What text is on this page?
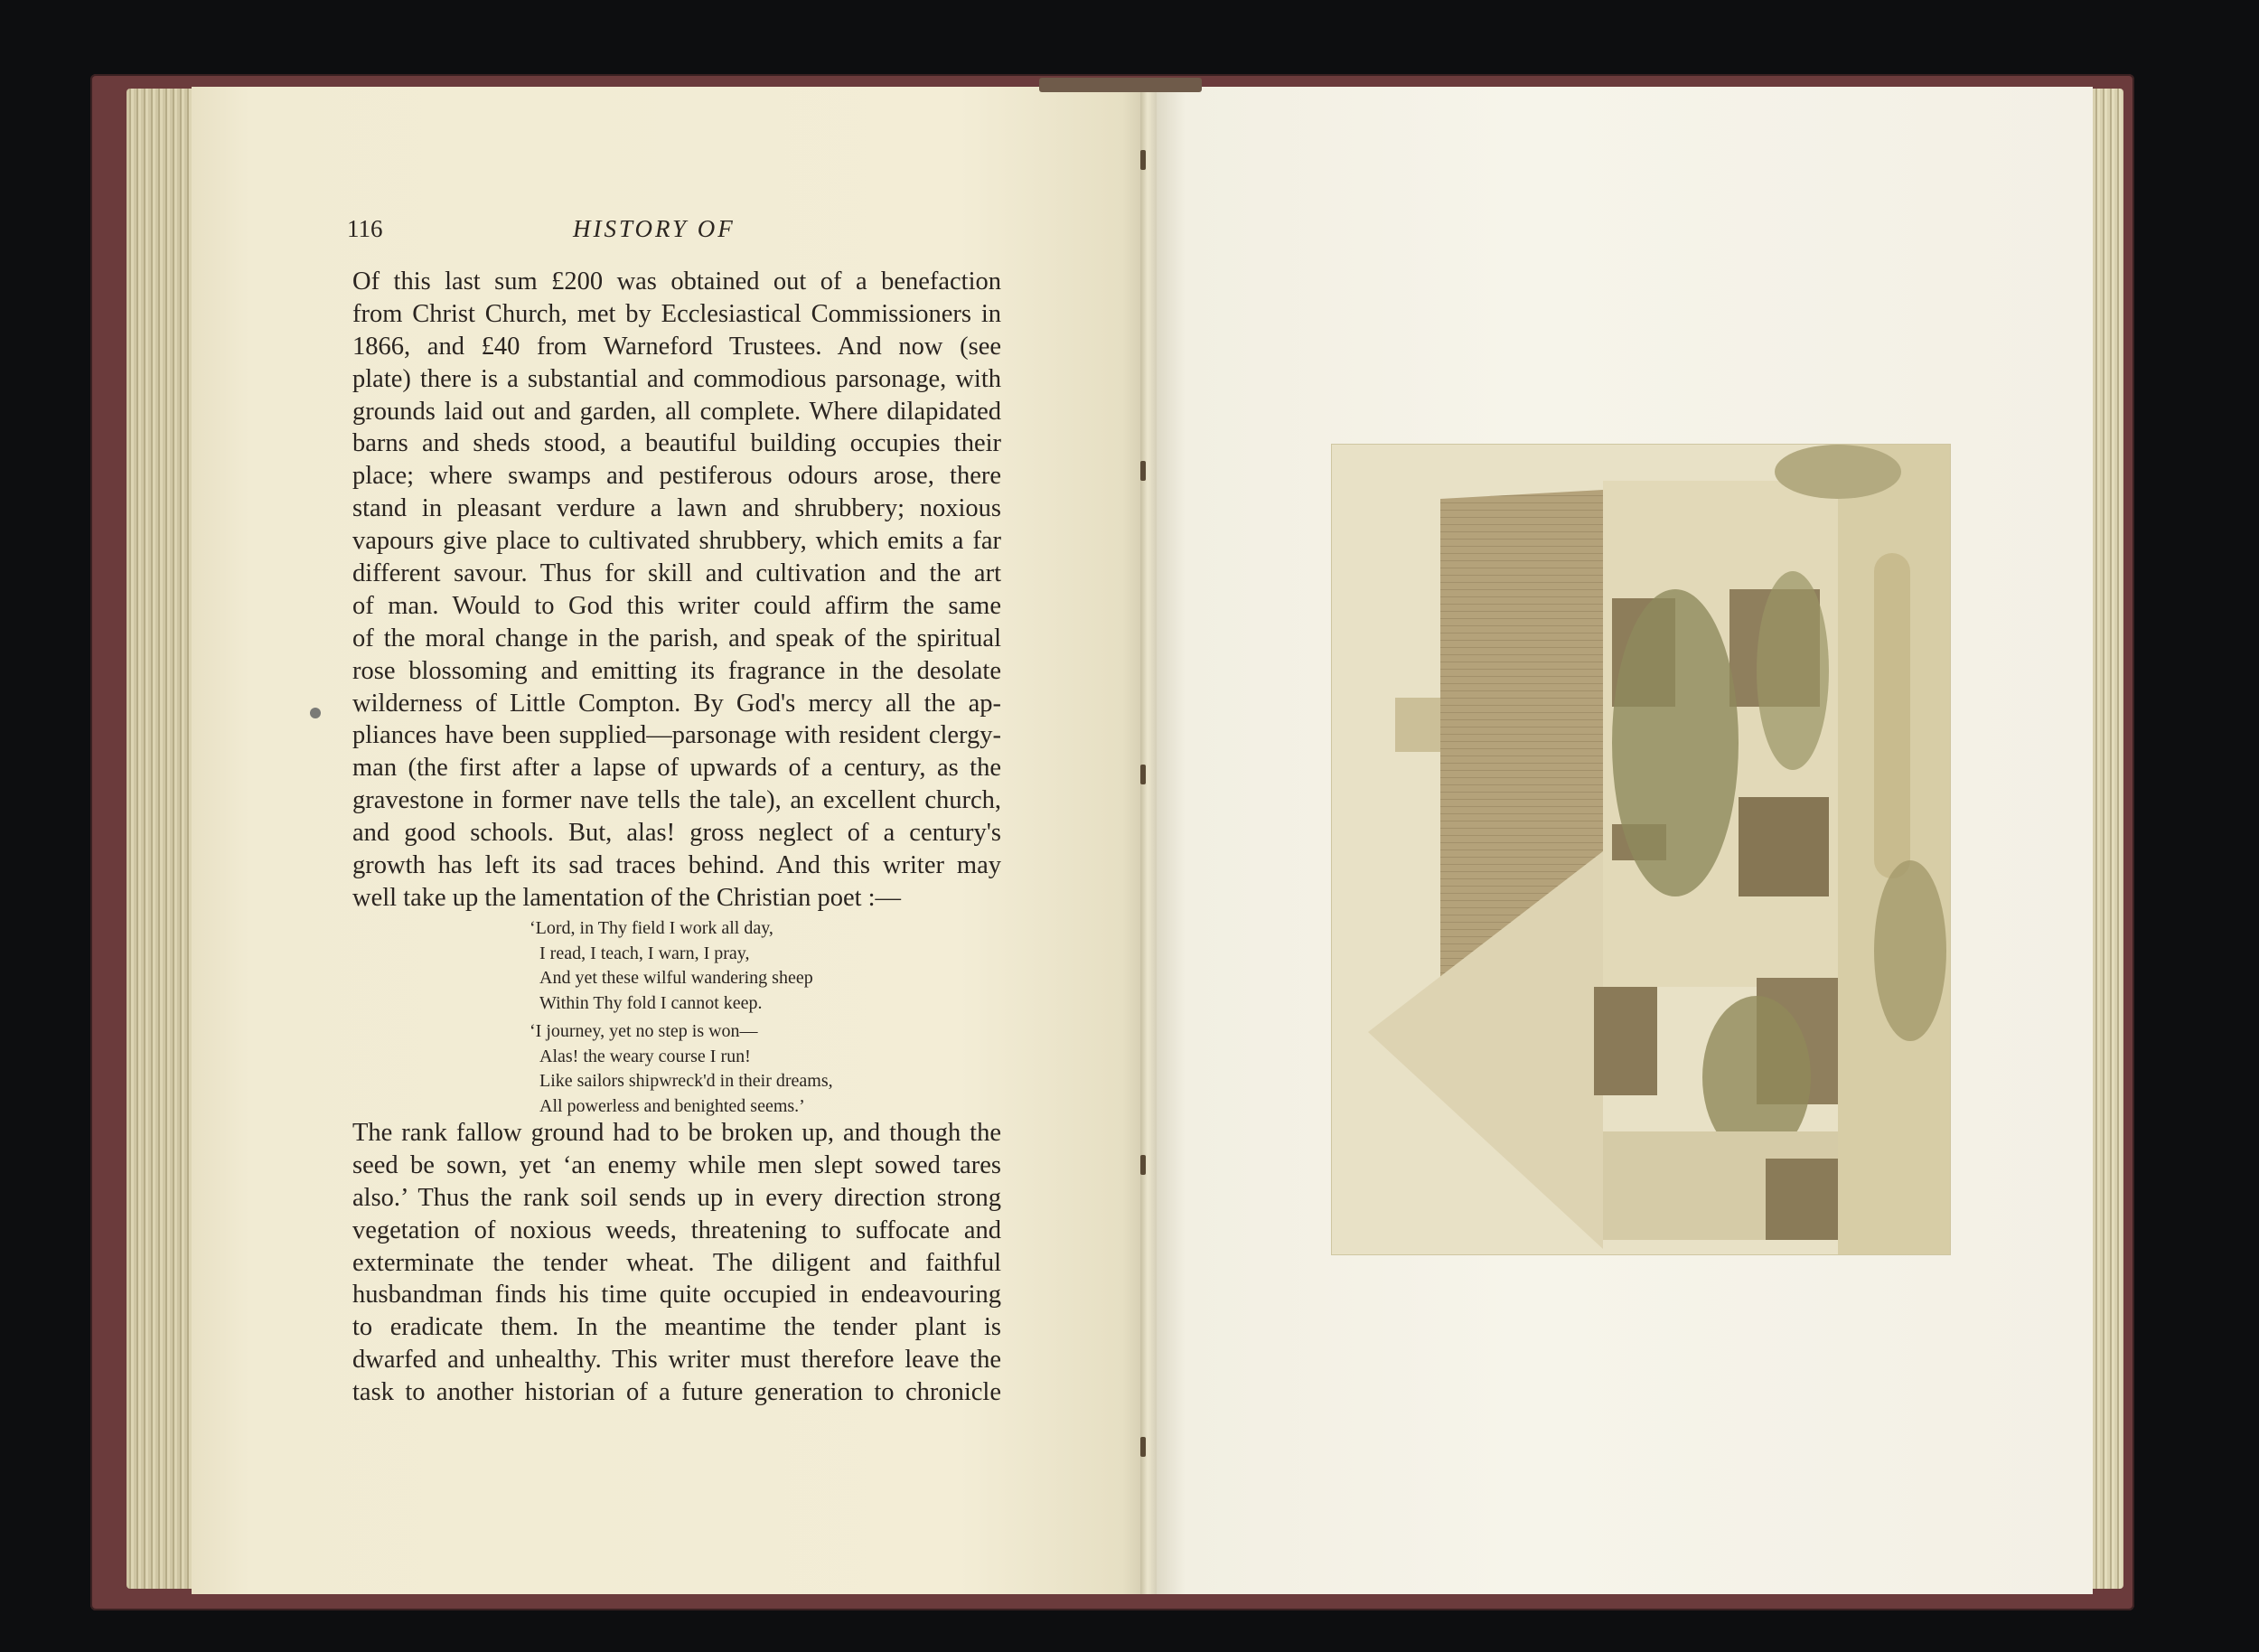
116	HISTORY OF
Of this last sum £200 was obtained out of a benefaction
from Christ Church, met by Ecclesiastical Commissioners in
1866, and £40 from Warneford Trustees. And now (see
plate) there is a substantial and commodious parsonage, with
grounds laid out and garden, all complete. Where dilapidated
barns and sheds stood, a beautiful building occupies their
place; where swamps and pestiferous odours arose, there
stand in pleasant verdure a lawn and shrubbery; noxious
vapours give place to cultivated shrubbery, which emits a far
different savour. Thus for skill and cultivation and the art
of man. Would to God this writer could affirm the same
of the moral change in the parish, and speak of the spiritual
rose blossoming and emitting its fragrance in the desolate
wilderness of Little Compton. By God's mercy all the ap-
pliances have been supplied—parsonage with resident clergy-
man (the first after a lapse of upwards of a century, as the
gravestone in former nave tells the tale), an excellent church,
and good schools. But, alas! gross neglect of a century's
growth has left its sad traces behind. And this writer may
well take up the lamentation of the Christian poet :—
‘Lord, in Thy field I work all day,
I read, I teach, I warn, I pray,
And yet these wilful wandering sheep
Within Thy fold I cannot keep.
‘I journey, yet no step is won—
Alas! the weary course I run!
Like sailors shipwreck'd in their dreams,
All powerless and benighted seems.’
The rank fallow ground had to be broken up, and though the
seed be sown, yet ‘an enemy while men slept sowed tares
also.’ Thus the rank soil sends up in every direction strong
vegetation of noxious weeds, threatening to suffocate and
exterminate the tender wheat. The diligent and faithful
husbandman finds his time quite occupied in endeavouring
to eradicate them. In the meantime the tender plant is
dwarfed and unhealthy. This writer must therefore leave the
task to another historian of a future generation to chronicle
